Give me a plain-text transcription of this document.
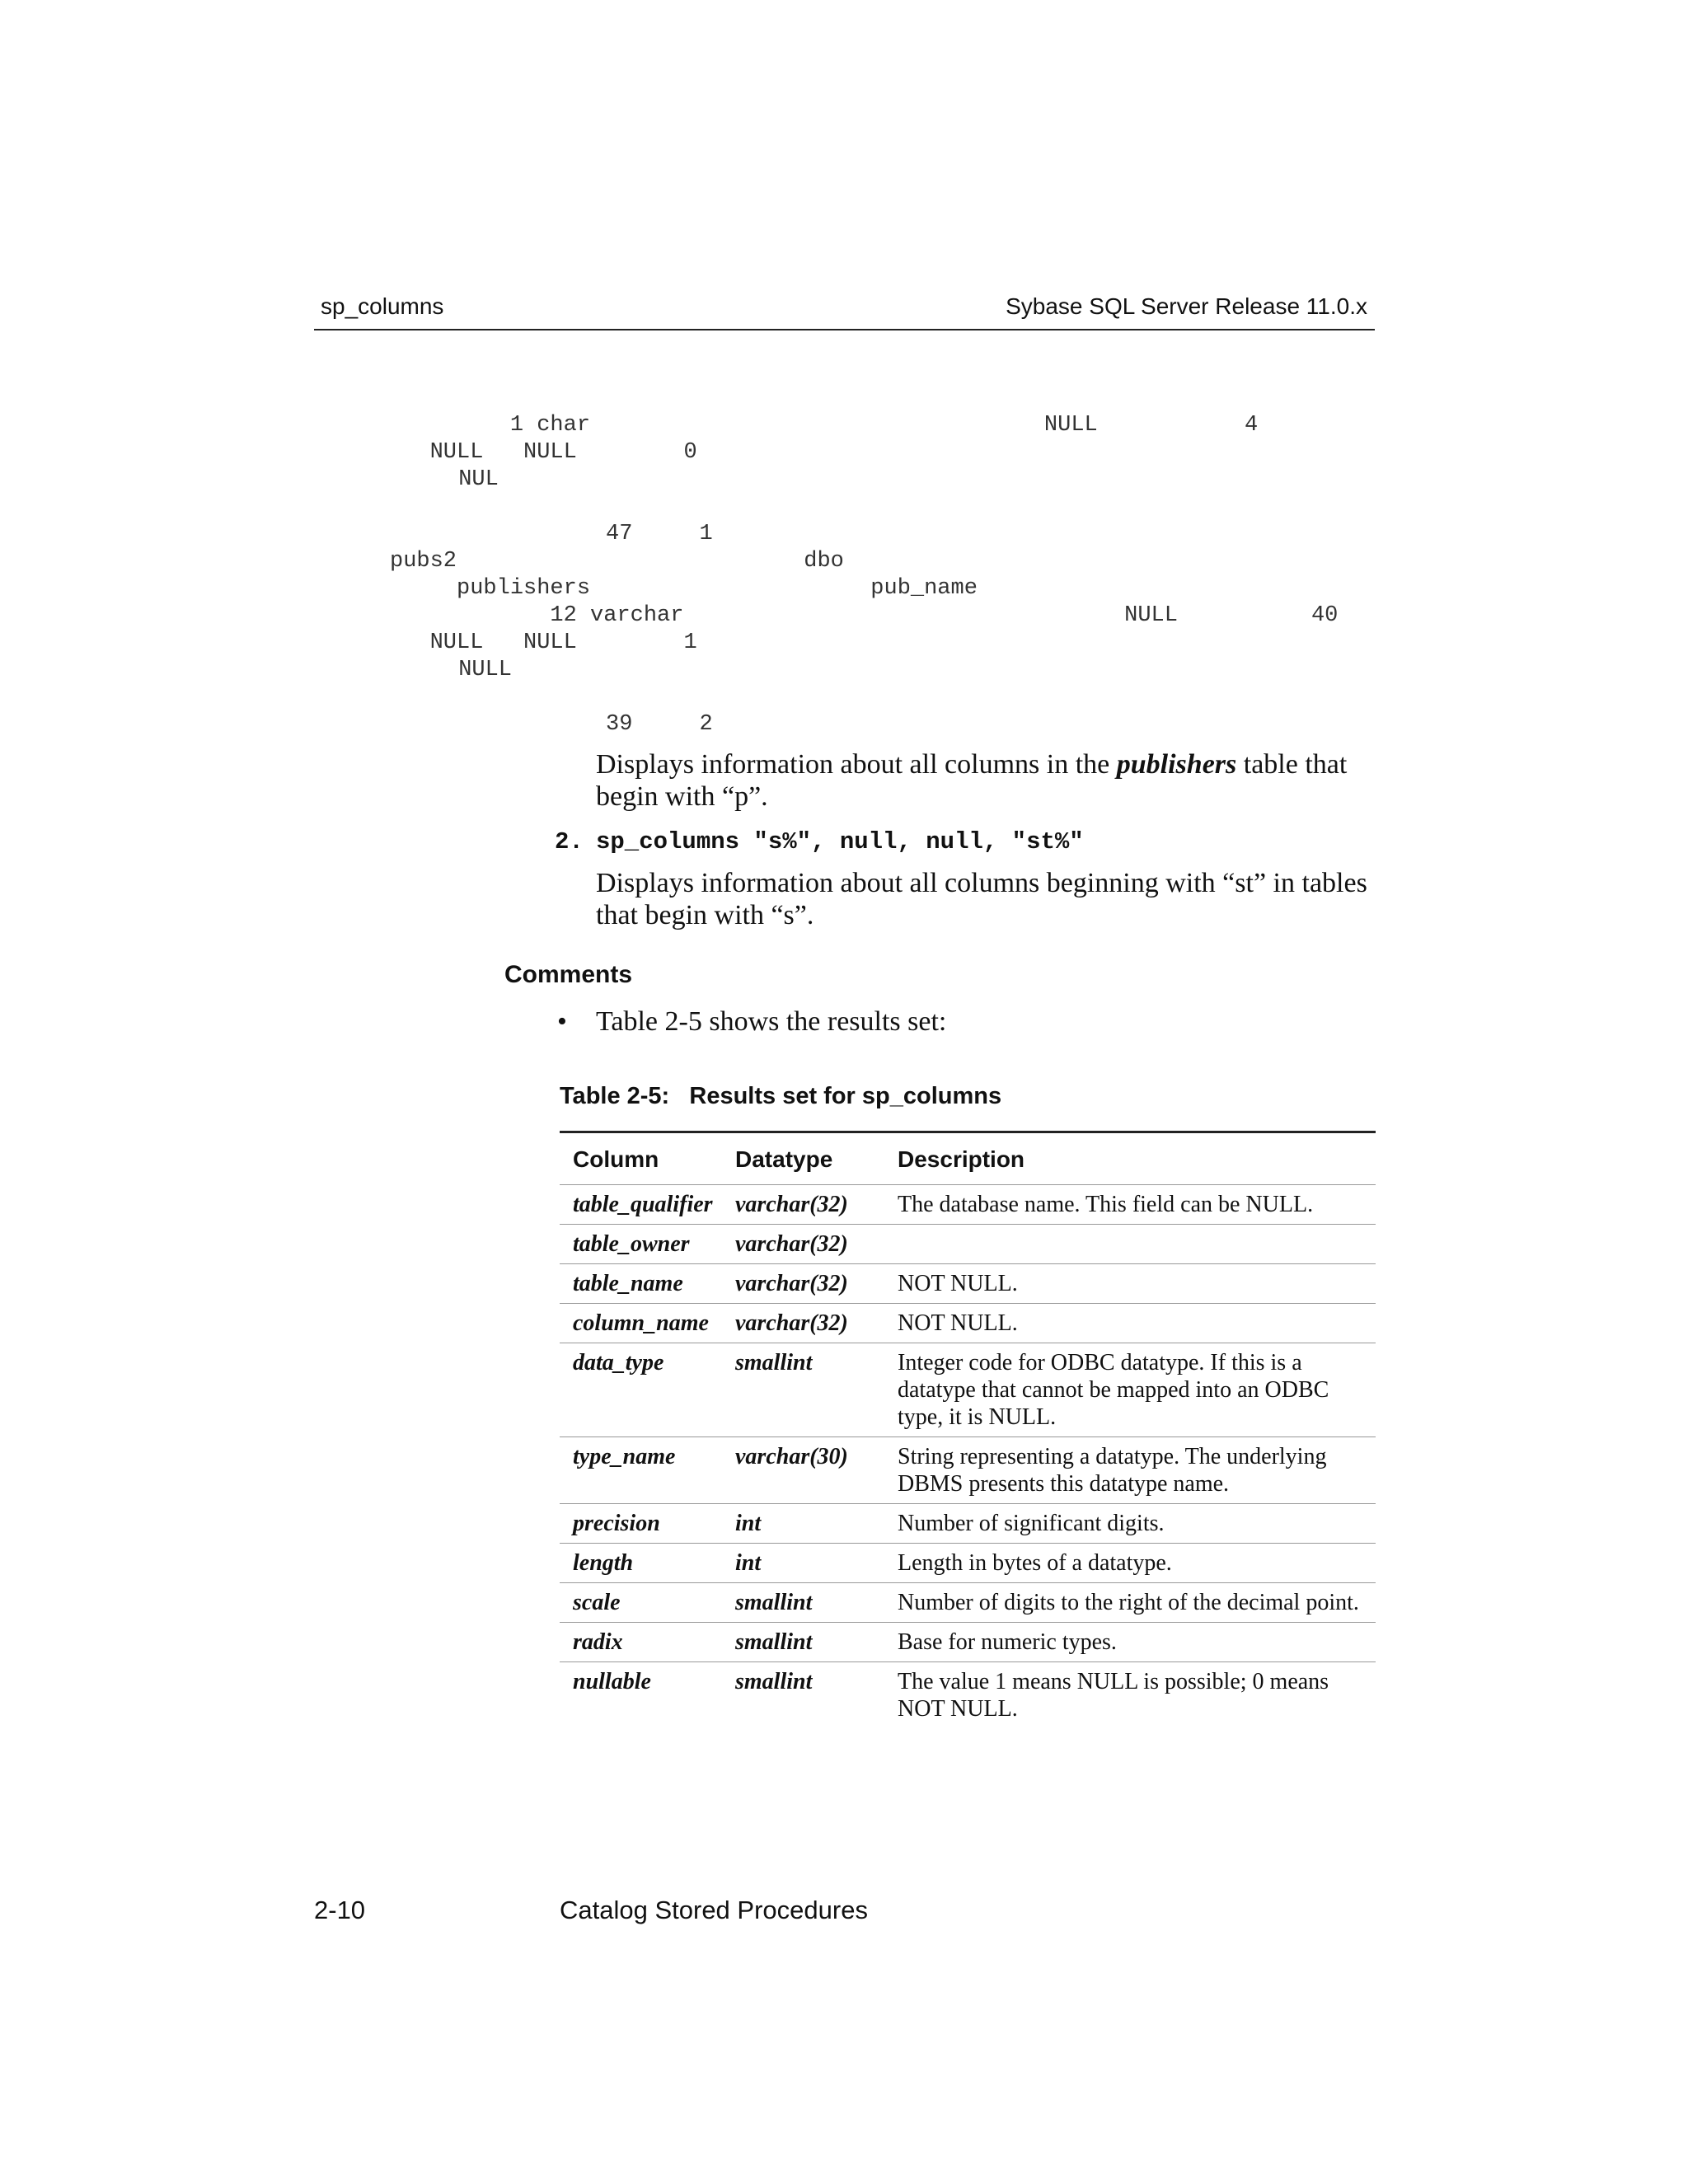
sp_columns	Sybase SQL Server Release 11.0.x
1 char                                  NULL           4
NULL   NULL        0
NUL
47     1
pubs2                          dbo
publishers                     pub_name
12 varchar                                 NULL          40
NULL   NULL        1
NULL
39     2
Displays information about all columns in the publishers table that begin with “p”.
2. sp_columns "s%", null, null, "st%"
Displays information about all columns beginning with “st” in tables that begin with “s”.
Comments
• Table 2-5 shows the results set:
Table 2-5:   Results set for sp_columns
Column	Datatype	Description
table_qualifier	varchar(32)	The database name. This field can be NULL.
table_owner	varchar(32)	
table_name	varchar(32)	NOT NULL.
column_name	varchar(32)	NOT NULL.
data_type	smallint	Integer code for ODBC datatype. If this is a datatype that cannot be mapped into an ODBC type, it is NULL.
type_name	varchar(30)	String representing a datatype. The underlying DBMS presents this datatype name.
precision	int	Number of significant digits.
length	int	Length in bytes of a datatype.
scale	smallint	Number of digits to the right of the decimal point.
radix	smallint	Base for numeric types.
nullable	smallint	The value 1 means NULL is possible; 0 means NOT NULL.
2-10	Catalog Stored Procedures
